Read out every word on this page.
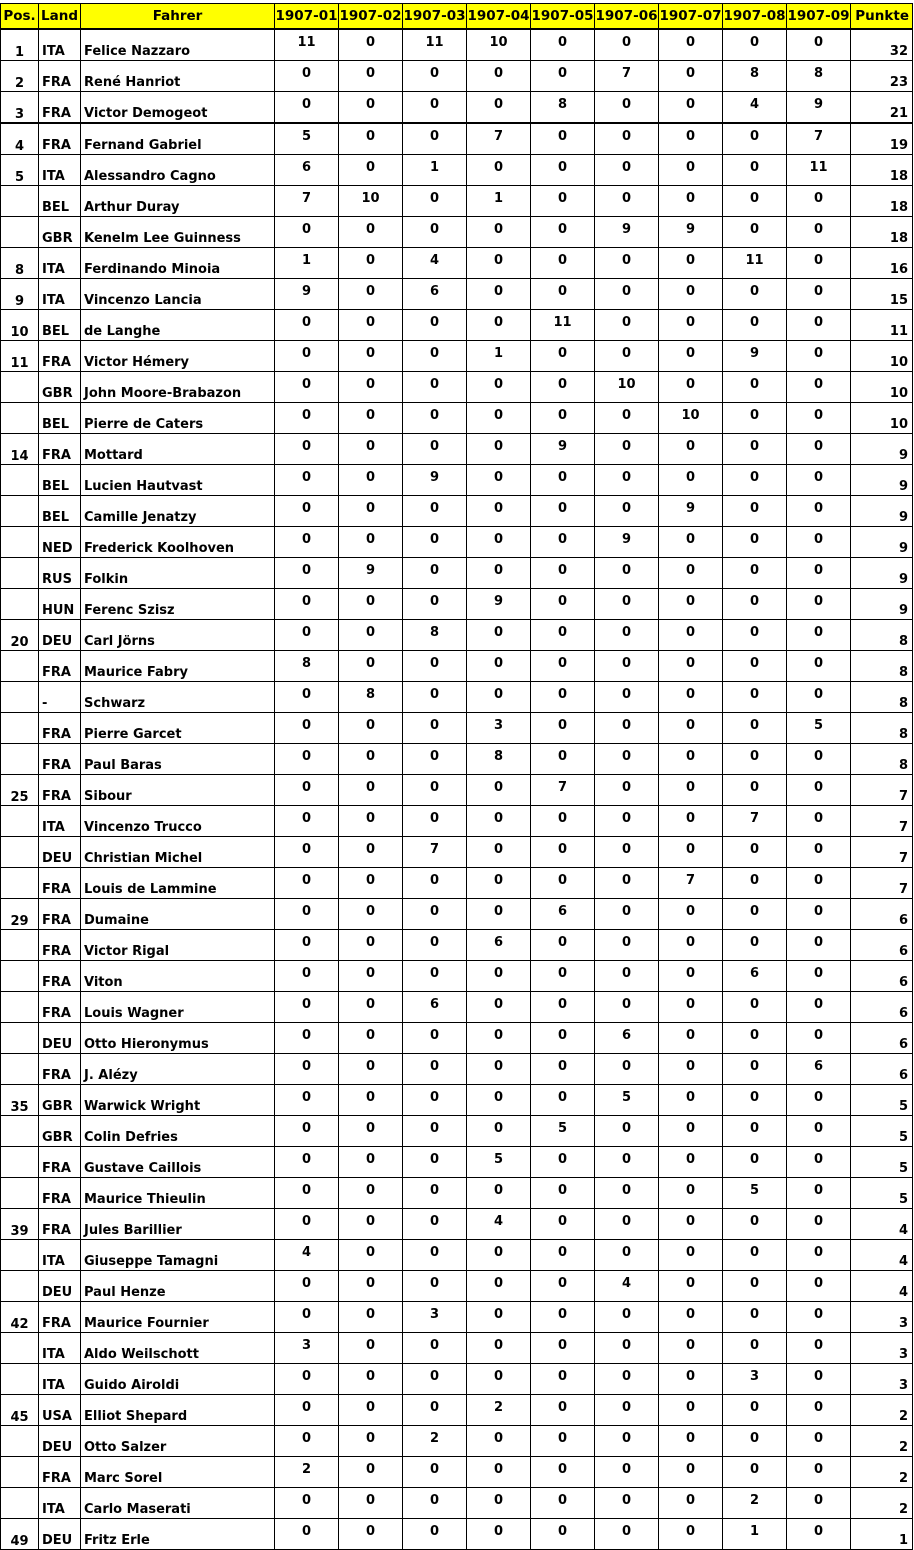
Pos.	Land	Fahrer	1907-01	1907-02	1907-03	1907-04	1907-05	1907-06	1907-07	1907-08	1907-09	Punkte
1	ITA	Felice Nazzaro	11	0	11	10	0	0	0	0	0	32
2	FRA	René Hanriot	0	0	0	0	0	7	0	8	8	23
3	FRA	Victor Demogeot	0	0	0	0	8	0	0	4	9	21
4	FRA	Fernand Gabriel	5	0	0	7	0	0	0	0	7	19
5	ITA	Alessandro Cagno	6	0	1	0	0	0	0	0	11	18
	BEL	Arthur Duray	7	10	0	1	0	0	0	0	0	18
	GBR	Kenelm Lee Guinness	0	0	0	0	0	9	9	0	0	18
8	ITA	Ferdinando Minoia	1	0	4	0	0	0	0	11	0	16
9	ITA	Vincenzo Lancia	9	0	6	0	0	0	0	0	0	15
10	BEL	de Langhe	0	0	0	0	11	0	0	0	0	11
11	FRA	Victor Hémery	0	0	0	1	0	0	0	9	0	10
	GBR	John Moore-Brabazon	0	0	0	0	0	10	0	0	0	10
	BEL	Pierre de Caters	0	0	0	0	0	0	10	0	0	10
14	FRA	Mottard	0	0	0	0	9	0	0	0	0	9
	BEL	Lucien Hautvast	0	0	9	0	0	0	0	0	0	9
	BEL	Camille Jenatzy	0	0	0	0	0	0	9	0	0	9
	NED	Frederick Koolhoven	0	0	0	0	0	9	0	0	0	9
	RUS	Folkin	0	9	0	0	0	0	0	0	0	9
	HUN	Ferenc Szisz	0	0	0	9	0	0	0	0	0	9
20	DEU	Carl Jörns	0	0	8	0	0	0	0	0	0	8
	FRA	Maurice Fabry	8	0	0	0	0	0	0	0	0	8
	-	Schwarz	0	8	0	0	0	0	0	0	0	8
	FRA	Pierre Garcet	0	0	0	3	0	0	0	0	5	8
	FRA	Paul Baras	0	0	0	8	0	0	0	0	0	8
25	FRA	Sibour	0	0	0	0	7	0	0	0	0	7
	ITA	Vincenzo Trucco	0	0	0	0	0	0	0	7	0	7
	DEU	Christian Michel	0	0	7	0	0	0	0	0	0	7
	FRA	Louis de Lammine	0	0	0	0	0	0	7	0	0	7
29	FRA	Dumaine	0	0	0	0	6	0	0	0	0	6
	FRA	Victor Rigal	0	0	0	6	0	0	0	0	0	6
	FRA	Viton	0	0	0	0	0	0	0	6	0	6
	FRA	Louis Wagner	0	0	6	0	0	0	0	0	0	6
	DEU	Otto Hieronymus	0	0	0	0	0	6	0	0	0	6
	FRA	J. Alézy	0	0	0	0	0	0	0	0	6	6
35	GBR	Warwick Wright	0	0	0	0	0	5	0	0	0	5
	GBR	Colin Defries	0	0	0	0	5	0	0	0	0	5
	FRA	Gustave Caillois	0	0	0	5	0	0	0	0	0	5
	FRA	Maurice Thieulin	0	0	0	0	0	0	0	5	0	5
39	FRA	Jules Barillier	0	0	0	4	0	0	0	0	0	4
	ITA	Giuseppe Tamagni	4	0	0	0	0	0	0	0	0	4
	DEU	Paul Henze	0	0	0	0	0	4	0	0	0	4
42	FRA	Maurice Fournier	0	0	3	0	0	0	0	0	0	3
	ITA	Aldo Weilschott	3	0	0	0	0	0	0	0	0	3
	ITA	Guido Airoldi	0	0	0	0	0	0	0	3	0	3
45	USA	Elliot Shepard	0	0	0	2	0	0	0	0	0	2
	DEU	Otto Salzer	0	0	2	0	0	0	0	0	0	2
	FRA	Marc Sorel	2	0	0	0	0	0	0	0	0	2
	ITA	Carlo Maserati	0	0	0	0	0	0	0	2	0	2
49	DEU	Fritz Erle	0	0	0	0	0	0	0	1	0	1
